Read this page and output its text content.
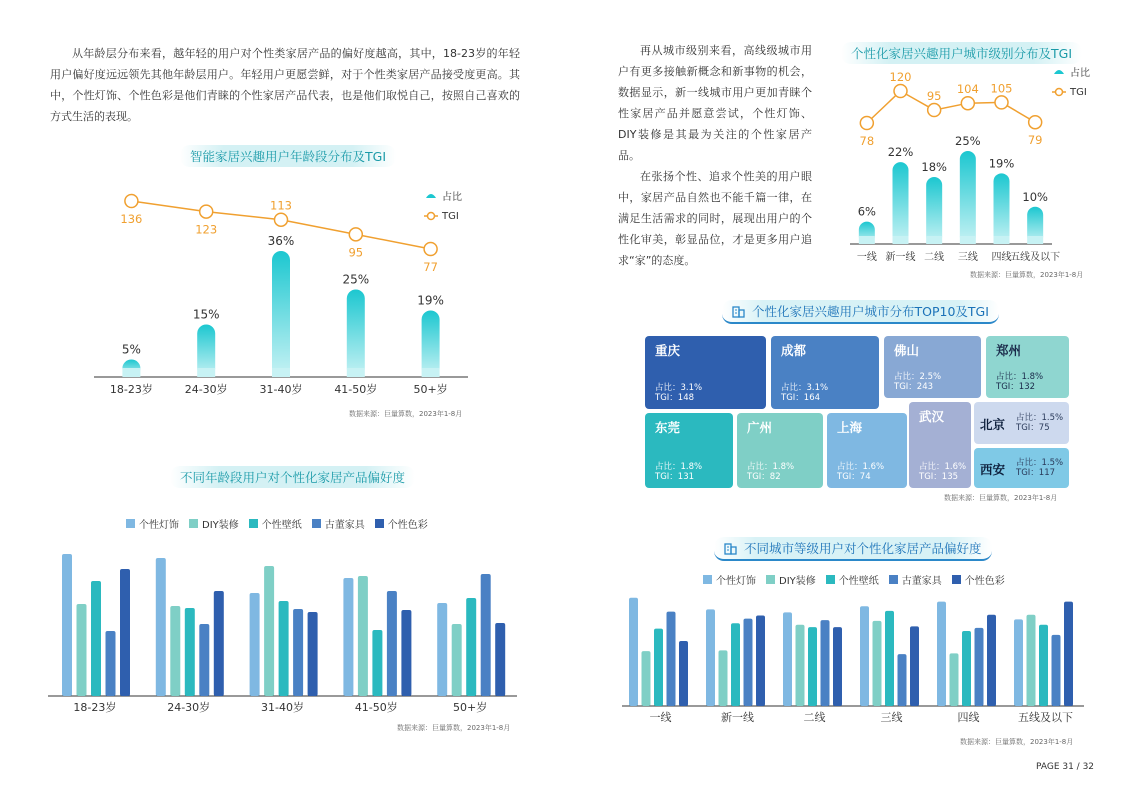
从年龄层分布来看，越年轻的用户对个性类家居产品的偏好度越高，其中，18-23岁的年轻用户偏好度远远领先其他年龄层用户。年轻用户更愿尝鲜，对于个性类家居产品接受度更高。其中，个性灯饰、个性色彩是他们青睐的个性家居产品代表，也是他们取悦自己，按照自己喜欢的方式生活的表现。
智能家居兴趣用户年龄段分布及TGI
占比
TGI
5%
18-23岁
15%
24-30岁
36%
31-40岁
25%
41-50岁
19%
50+岁
136
123
113
95
77
数据来源：巨量算数，2023年1-8月
不同年龄段用户对个性化家居产品偏好度
个性灯饰 DIY装修 个性壁纸 古董家具 个性色彩
18-23岁	24-30岁	31-40岁	41-50岁	50+岁
数据来源：巨量算数，2023年1-8月
再从城市级别来看，高线级城市用户有更多接触新概念和新事物的机会，数据显示，新一线城市用户更加青睐个性家居产品并愿意尝试，个性灯饰、DIY装修是其最为关注的个性家居产品。
在张扬个性、追求个性美的用户眼中，家居产品自然也不能千篇一律，在满足生活需求的同时，展现出用户的个性化审美，彰显品位，才是更多用户追求“家”的态度。
个性化家居兴趣用户城市级别分布及TGI
占比
TGI
6%
一线
22%
新一线
18%
二线
25%
三线
19%
四线
10%
五线及以下
78
120
95 104 105
79
数据来源：巨量算数，2023年1-8月
个性化家居兴趣用户城市分布TOP10及TGI
重庆
占比：3.1%
TGI：148
成都
占比：3.1%
TGI：164
佛山
占比：2.5%
TGI：243
郑州
占比：1.8%
TGI：132
东莞
占比：1.8%
TGI：131
广州
占比：1.8%
TGI：82
上海
占比：1.6%
TGI：74
武汉
占比：1.6%
TGI：135
北京 占比：1.5%
TGI：75
西安 占比：1.5%
TGI：117
数据来源：巨量算数，2023年1-8月
不同城市等级用户对个性化家居产品偏好度
个性灯饰 DIY装修 个性壁纸 古董家具 个性色彩
一线	新一线	二线	三线	四线	五线及以下
数据来源：巨量算数，2023年1-8月
PAGE 31 / 32
